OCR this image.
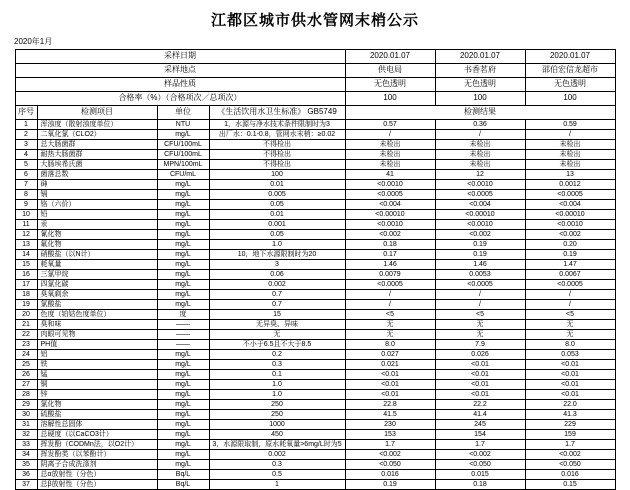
江都区城市供水管网末梢公示
2020年1月
采样日期				2020.01.07	2020.01.07	2020.01.07
采样地点				供电局	书香茗府	邵伯宏信龙超市
样品性质				无色透明	无色透明	无色透明
合格率（%）（合格项次／总项次）				100	100	100
序号	检测项目	单位	《生活饮用水卫生标准》 GB5749	检测结果		
1	浑浊度（散射浊度单位）	NTU	1，水源与净水技术条件限制时为3	0.57	0.36	0.59
2	二氧化氯（CLO2）	mg/L	出厂水：0.1-0.8，管网水末梢：≥0.02	/	/	/
3	总大肠菌群	CFU/100mL	不得检出	未检出	未检出	未检出
4	耐热大肠菌群	CFU/100mL	不得检出	未检出	未检出	未检出
5	大肠埃希氏菌	MPN/100mL	不得检出	未检出	未检出	未检出
6	菌落总数	CFU/mL	100	41	12	13
7	砷	mg/L	0.01	<0.0010	<0.0010	0.0012
8	镉	mg/L	0.005	<0.0005	<0.0005	<0.0005
9	铬（六价）	mg/L	0.05	<0.004	<0.004	<0.004
10	铅	mg/L	0.01	<0.00010	<0.00010	<0.00010
11	汞	mg/L	0.001	<0.0010	<0.0010	<0.0010
12	氰化物	mg/L	0.05	<0.002	<0.002	<0.002
13	氟化物	mg/L	1.0	0.18	0.19	0.20
14	硝酸盐（以N计）	mg/L	10，地下水源限制时为20	0.17	0.19	0.19
15	耗氧量	mg/L	3	1.46	1.46	1.47
16	三氯甲烷	mg/L	0.06	0.0079	0.0053	0.0067
17	四氯化碳	mg/L	0.002	<0.0005	<0.0005	<0.0005
18	臭氧剩余	mg/L	0.7	/	/	/
19	氯酸盐	mg/L	0.7	/	/	/
20	色度（铂钴色度单位）	度	15	<5	<5	<5
21	臭和味	——	无异臭、异味	无	无	无
22	肉眼可见物	——	无	无	无	无
23	PH值	——	不小于6.5且不大于8.5	8.0	7.9	8.0
24	铝	mg/L	0.2	0.027	0.026	0.053
25	铁	mg/L	0.3	0.021	<0.01	<0.01
26	锰	mg/L	0.1	<0.01	<0.01	<0.01
27	铜	mg/L	1.0	<0.01	<0.01	<0.01
28	锌	mg/L	1.0	<0.01	<0.01	<0.01
29	氯化物	mg/L	250	22.8	22.2	22.0
30	硫酸盐	mg/L	250	41.5	41.4	41.3
31	溶解性总固体	mg/L	1000	230	245	229
32	总硬度（以CaCO3计）	mg/L	450	153	154	159
33	挥发酚（CODMn法，以O2计）	mg/L	3，水源限取制，原水耗氧量>6mg/L时为5	1.7	1.7	1.7
34	挥发酚类（以苯酚计）	mg/L	0.002	<0.002	<0.002	<0.002
35	阴离子合成洗涤剂	mg/L	0.3	<0.050	<0.050	<0.050
36	总α放射性（分色）	Bq/L	0.5	0.016	0.015	0.016
37	总β放射性（分色）	Bq/L	1	0.19	0.18	0.15
